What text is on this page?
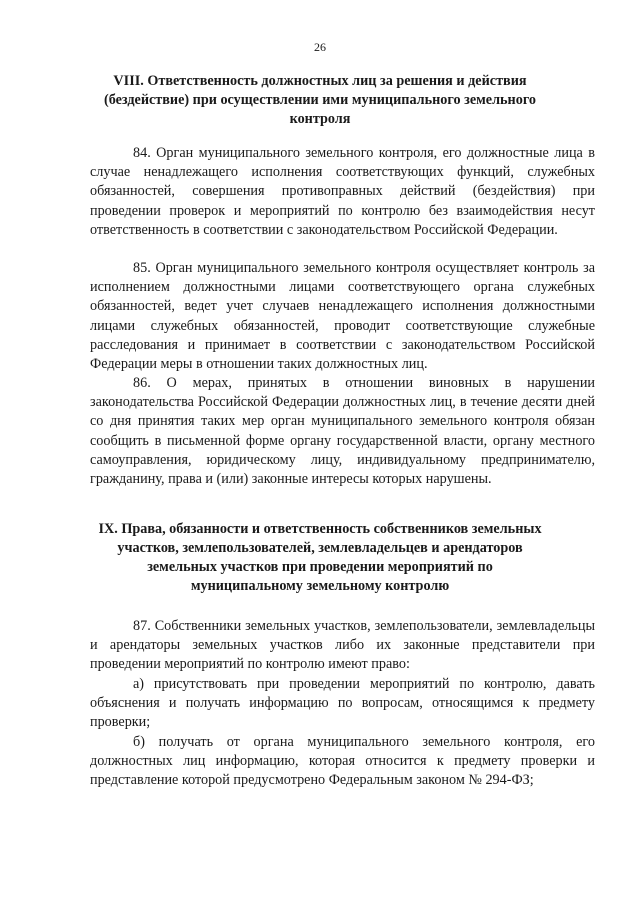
26
VIII. Ответственность должностных лиц за решения и действия (бездействие) при осуществлении ими муниципального земельного контроля
84. Орган муниципального земельного контроля, его должностные лица в случае ненадлежащего исполнения соответствующих функций, служебных обязанностей, совершения противоправных действий (бездействия) при проведении проверок и мероприятий по контролю без взаимодействия несут ответственность в соответствии с законодательством Российской Федерации.
85. Орган муниципального земельного контроля осуществляет контроль за исполнением должностными лицами соответствующего органа служебных обязанностей, ведет учет случаев ненадлежащего исполнения должностными лицами служебных обязанностей, проводит соответствующие служебные расследования и принимает в соответствии с законодательством Российской Федерации меры в отношении таких должностных лиц.
86. О мерах, принятых в отношении виновных в нарушении законодательства Российской Федерации должностных лиц, в течение десяти дней со дня принятия таких мер орган муниципального земельного контроля обязан сообщить в письменной форме органу государственной власти, органу местного самоуправления, юридическому лицу, индивидуальному предпринимателю, гражданину, права и (или) законные интересы которых нарушены.
IX. Права, обязанности и ответственность собственников земельных участков, землепользователей, землевладельцев и арендаторов земельных участков при проведении мероприятий по муниципальному земельному контролю
87. Собственники земельных участков, землепользователи, землевладельцы и арендаторы земельных участков либо их законные представители при проведении мероприятий по контролю имеют право:
а) присутствовать при проведении мероприятий по контролю, давать объяснения и получать информацию по вопросам, относящимся к предмету проверки;
б) получать от органа муниципального земельного контроля, его должностных лиц информацию, которая относится к предмету проверки и представление которой предусмотрено Федеральным законом № 294-ФЗ;
